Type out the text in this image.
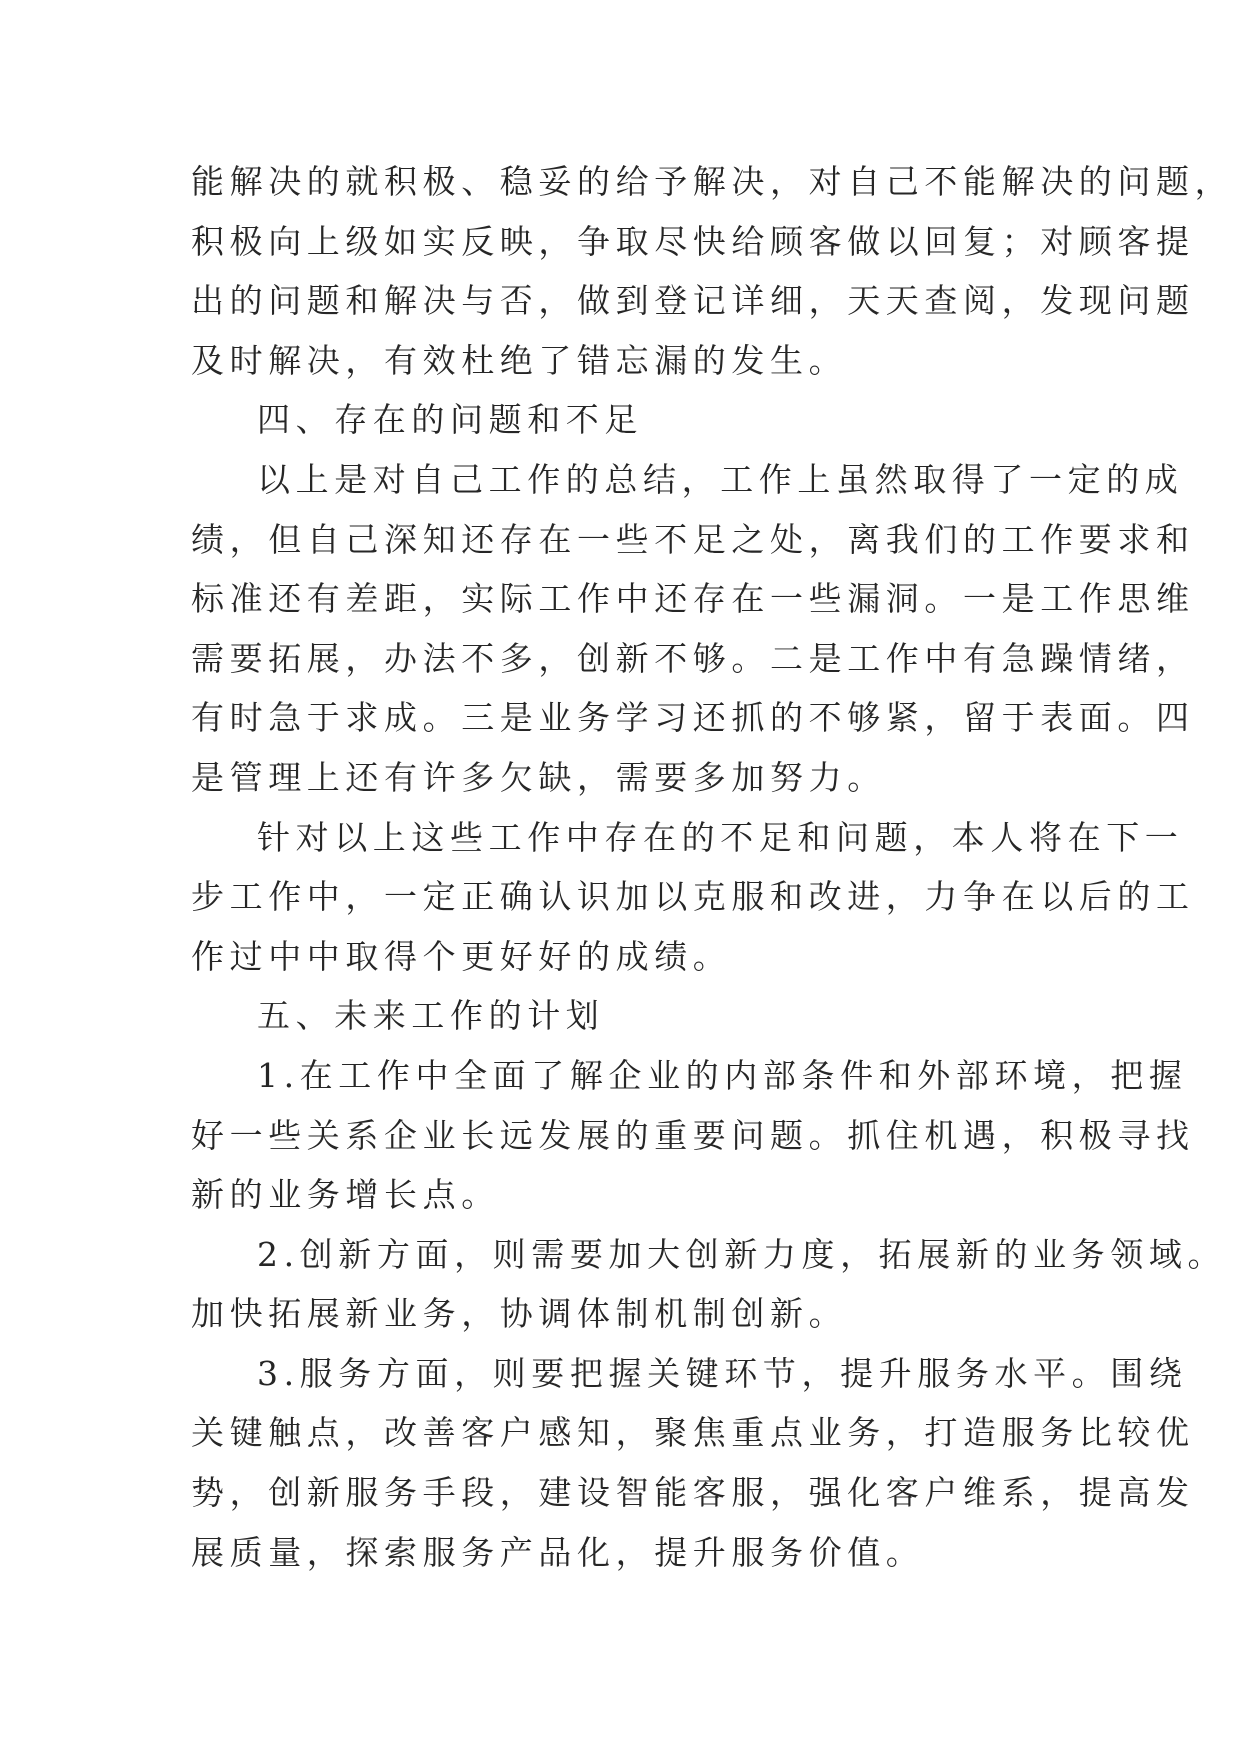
能解决的就积极、稳妥的给予解决，对自己不能解决的问题，
积极向上级如实反映，争取尽快给顾客做以回复；对顾客提
出的问题和解决与否，做到登记详细，天天查阅，发现问题
及时解决，有效杜绝了错忘漏的发生。
四、存在的问题和不足
以上是对自己工作的总结，工作上虽然取得了一定的成
绩，但自己深知还存在一些不足之处，离我们的工作要求和
标准还有差距，实际工作中还存在一些漏洞。一是工作思维
需要拓展，办法不多，创新不够。二是工作中有急躁情绪，
有时急于求成。三是业务学习还抓的不够紧，留于表面。四
是管理上还有许多欠缺，需要多加努力。
针对以上这些工作中存在的不足和问题，本人将在下一
步工作中，一定正确认识加以克服和改进，力争在以后的工
作过中中取得个更好好的成绩。
五、未来工作的计划
1.在工作中全面了解企业的内部条件和外部环境，把握
好一些关系企业长远发展的重要问题。抓住机遇，积极寻找
新的业务增长点。
2.创新方面，则需要加大创新力度，拓展新的业务领域。
加快拓展新业务，协调体制机制创新。
3.服务方面，则要把握关键环节，提升服务水平。围绕
关键触点，改善客户感知，聚焦重点业务，打造服务比较优
势，创新服务手段，建设智能客服，强化客户维系，提高发
展质量，探索服务产品化，提升服务价值。
